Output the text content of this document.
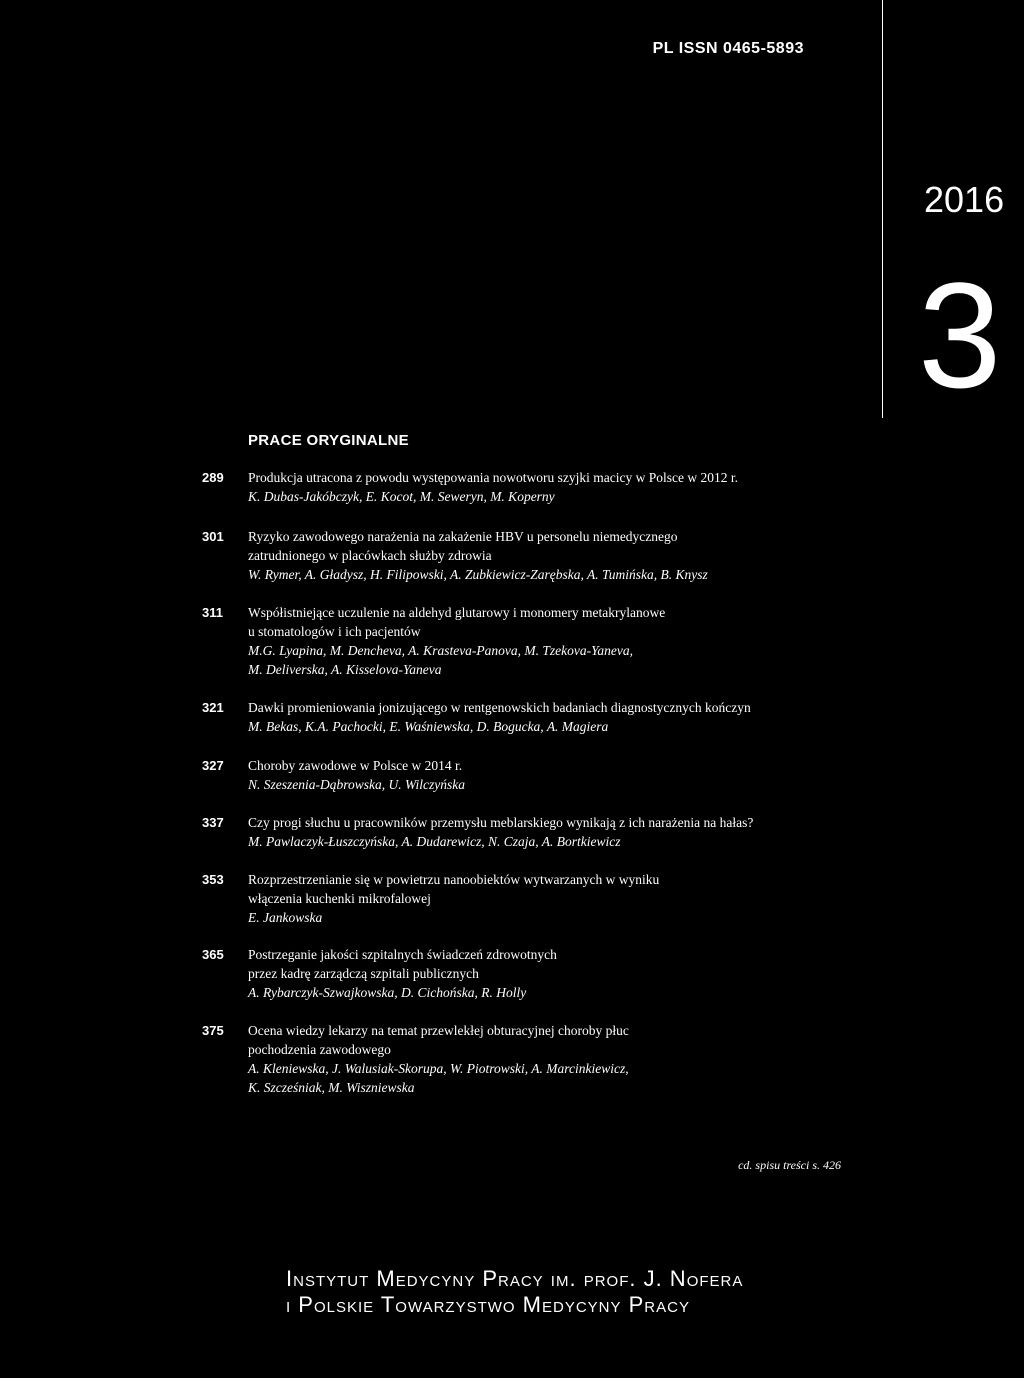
PL ISSN 0465-5893
2016
3
PRACE ORYGINALNE
289	Produkcja utracona z powodu występowania nowotworu szyjki macicy w Polsce w 2012 r.
K. Dubas-Jakóbczyk, E. Kocot, M. Seweryn, M. Koperny
301	Ryzyko zawodowego narażenia na zakażenie HBV u personelu niemedycznego
zatrudnionego w placówkach służby zdrowia
W. Rymer, A. Gładysz, H. Filipowski, A. Zubkiewicz-Zarębska, A. Tumińska, B. Knysz
311	Współistniejące uczulenie na aldehyd glutarowy i monomery metakrylanowe
u stomatologów i ich pacjentów
M.G. Lyapina, M. Dencheva, A. Krasteva-Panova, M. Tzekova-Yaneva,
M. Deliverska, A. Kisselova-Yaneva
321	Dawki promieniowania jonizującego w rentgenowskich badaniach diagnostycznych kończyn
M. Bekas, K.A. Pachocki, E. Waśniewska, D. Bogucka, A. Magiera
327	Choroby zawodowe w Polsce w 2014 r.
N. Szeszenia-Dąbrowska, U. Wilczyńska
337	Czy progi słuchu u pracowników przemysłu meblarskiego wynikają z ich narażenia na hałas?
M. Pawlaczyk-Łuszczyńska, A. Dudarewicz, N. Czaja, A. Bortkiewicz
353	Rozprzestrzenianie się w powietrzu nanoobiektów wytwarzanych w wyniku
włączenia kuchenki mikrofalowej
E. Jankowska
365	Postrzeganie jakości szpitalnych świadczeń zdrowotnych
przez kadrę zarządczą szpitali publicznych
A. Rybarczyk-Szwajkowska, D. Cichońska, R. Holly
375	Ocena wiedzy lekarzy na temat przewlekłej obturacyjnej choroby płuc
pochodzenia zawodowego
A. Kleniewska, J. Walusiak-Skorupa, W. Piotrowski, A. Marcinkiewicz,
K. Szcześniak, M. Wiszniewska
cd. spisu treści s. 426
Instytut Medycyny Pracy im. prof. J. Nofera
i Polskie Towarzystwo Medycyny Pracy
